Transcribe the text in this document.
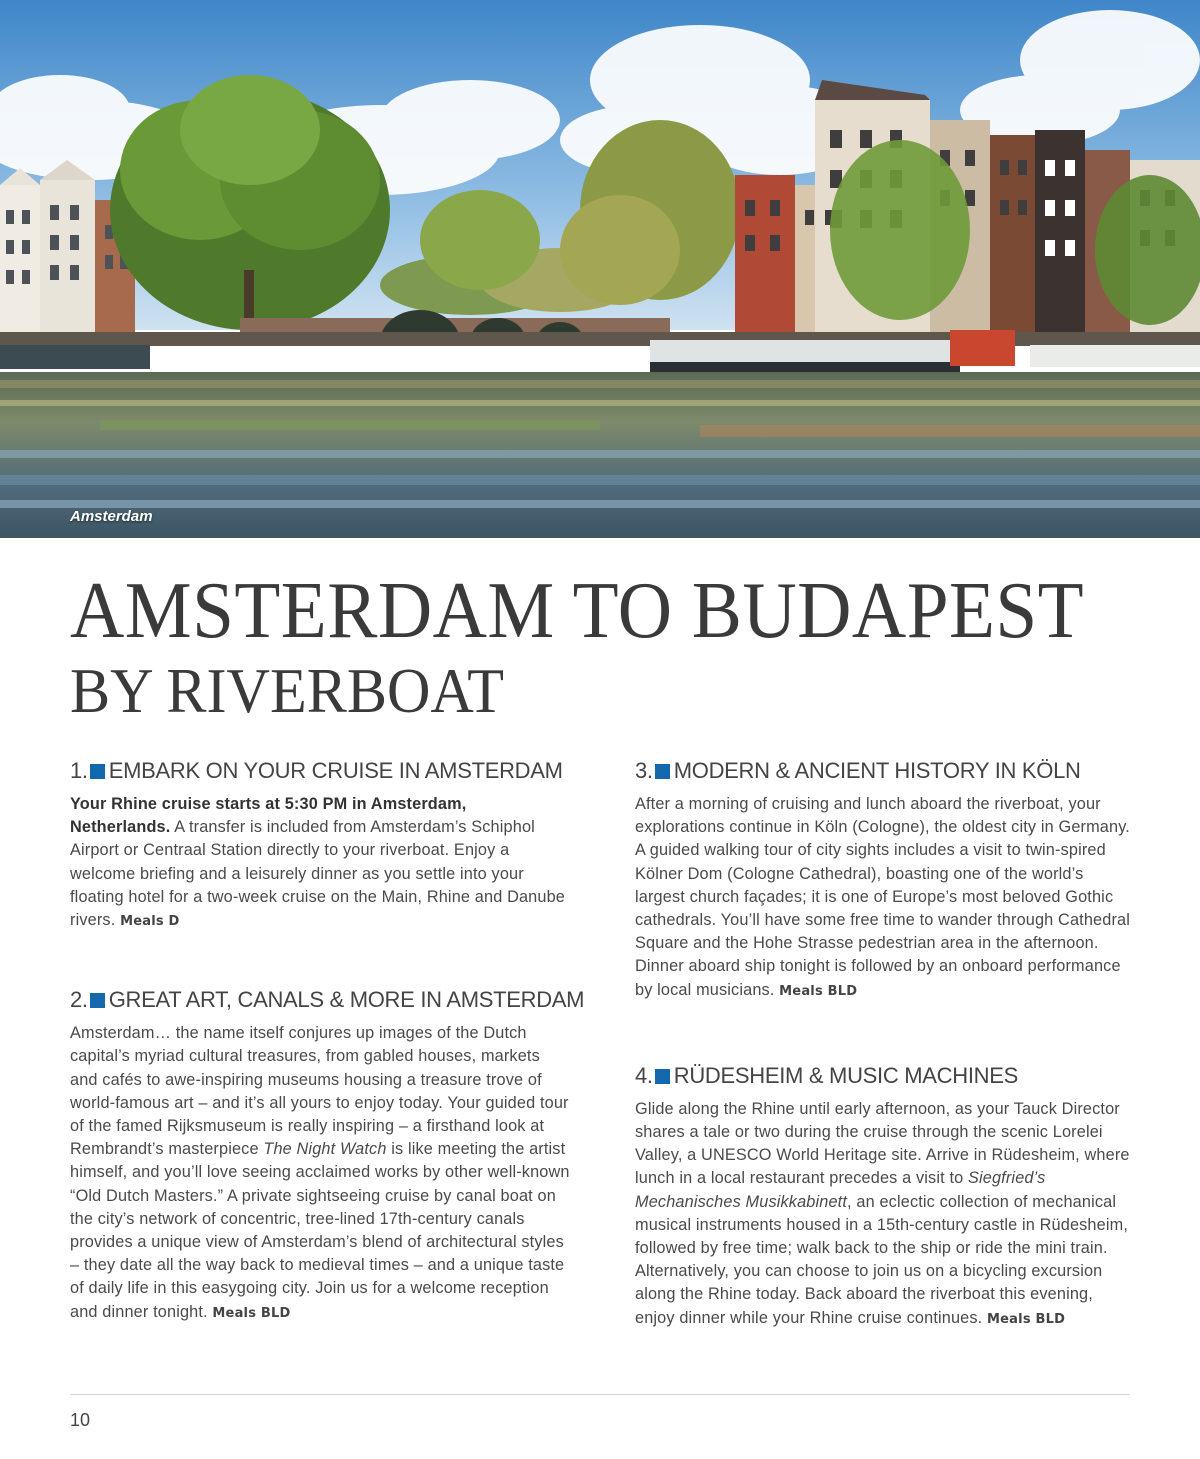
Amsterdam
AMSTERDAM TO BUDAPEST
BY RIVERBOAT
1. EMBARK ON YOUR CRUISE IN AMSTERDAM

Your Rhine cruise starts at 5:30 PM in Amsterdam, Netherlands. A transfer is included from Amsterdam’s Schiphol Airport or Centraal Station directly to your riverboat. Enjoy a welcome briefing and a leisurely dinner as you settle into your floating hotel for a two-week cruise on the Main, Rhine and Danube rivers. Meals D

2. GREAT ART, CANALS & MORE IN AMSTERDAM

Amsterdam… the name itself conjures up images of the Dutch capital’s myriad cultural treasures, from gabled houses, markets and cafés to awe-inspiring museums housing a treasure trove of world-famous art – and it’s all yours to enjoy today. Your guided tour of the famed Rijksmuseum is really inspiring – a firsthand look at Rembrandt’s masterpiece The Night Watch is like meeting the artist himself, and you’ll love seeing acclaimed works by other well-known “Old Dutch Masters.” A private sightseeing cruise by canal boat on the city’s network of concentric, tree-lined 17th-century canals provides a unique view of Amsterdam’s blend of architectural styles – they date all the way back to medieval times – and a unique taste of daily life in this easygoing city. Join us for a welcome reception and dinner tonight. Meals BLD

3. MODERN & ANCIENT HISTORY IN KÖLN

After a morning of cruising and lunch aboard the riverboat, your explorations continue in Köln (Cologne), the oldest city in Germany. A guided walking tour of city sights includes a visit to twin-spired Kölner Dom (Cologne Cathedral), boasting one of the world’s largest church façades; it is one of Europe’s most beloved Gothic cathedrals. You’ll have some free time to wander through Cathedral Square and the Hohe Strasse pedestrian area in the afternoon. Dinner aboard ship tonight is followed by an onboard performance by local musicians. Meals BLD

4. RÜDESHEIM & MUSIC MACHINES

Glide along the Rhine until early afternoon, as your Tauck Director shares a tale or two during the cruise through the scenic Lorelei Valley, a UNESCO World Heritage site. Arrive in Rüdesheim, where lunch in a local restaurant precedes a visit to Siegfried’s Mechanisches Musikkabinett, an eclectic collection of mechanical musical instruments housed in a 15th-century castle in Rüdesheim, followed by free time; walk back to the ship or ride the mini train. Alternatively, you can choose to join us on a bicycling excursion along the Rhine today. Back aboard the riverboat this evening, enjoy dinner while your Rhine cruise continues. Meals BLD

10
